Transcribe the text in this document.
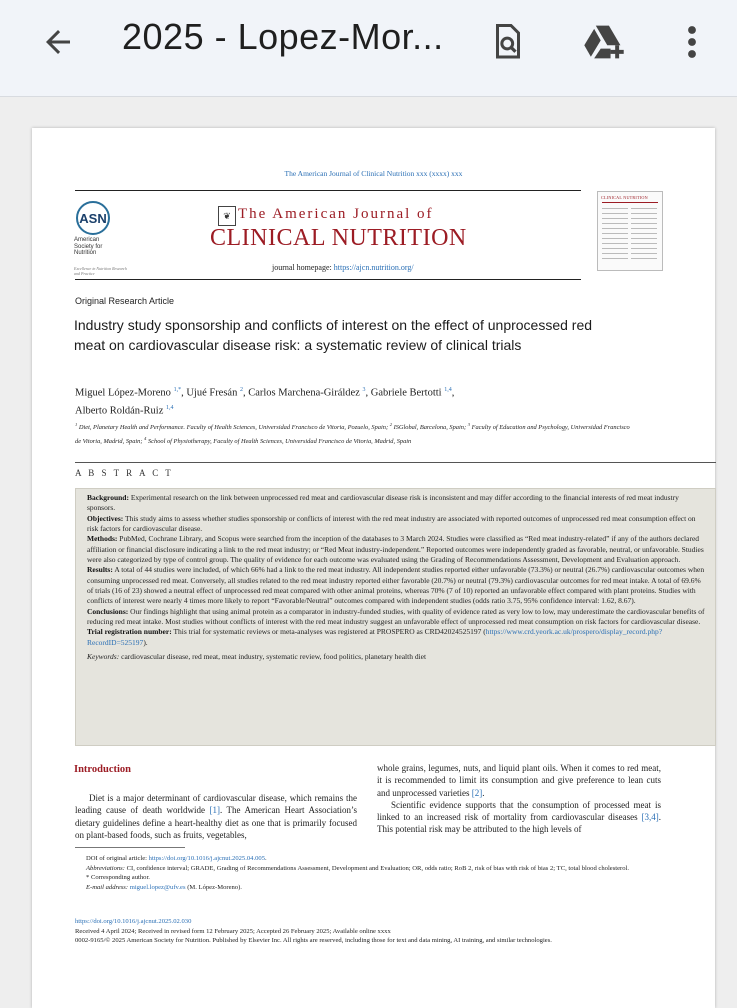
2025 - Lopez-Mor...
The American Journal of Clinical Nutrition xxx (xxxx) xxx
ASN
American
Society for
Nutrition
Excellence in Nutrition Research and Practice
❦ The American Journal of
CLINICAL NUTRITION
journal homepage: https://ajcn.nutrition.org/
CLINICAL NUTRITION
Original Research Article
Industry study sponsorship and conflicts of interest on the effect of unprocessed red meat on cardiovascular disease risk: a systematic review of clinical trials
Miguel López-Moreno $^{1,*}$, Ujué Fresán $^2$, Carlos Marchena-Giráldez $^3$, Gabriele Bertotti $^{1,4}$,
Alberto Roldán-Ruiz $^{1,4}$
$^1$ Diet, Planetary Health and Performance. Faculty of Health Sciences, Universidad Francisco de Vitoria, Pozuelo, Spain; $^2$ ISGlobal, Barcelona, Spain; $^3$ Faculty of Education and Psychology, Universidad Francisco de Vitoria, Madrid, Spain; $^4$ School of Physiotherapy, Faculty of Health Sciences, Universidad Francisco de Vitoria, Madrid, Spain
A B S T R A C T

Background: Experimental research on the link between unprocessed red meat and cardiovascular disease risk is inconsistent and may differ according to the financial interests of red meat industry sponsors.

Objectives: This study aims to assess whether studies sponsorship or conflicts of interest with the red meat industry are associated with reported outcomes of unprocessed red meat consumption effect on risk factors for cardiovascular disease.

Methods: PubMed, Cochrane Library, and Scopus were searched from the inception of the databases to 3 March 2024. Studies were classified as “Red meat industry-related” if any of the authors declared affiliation or financial disclosure indicating a link to the red meat industry; or “Red Meat industry-independent.” Reported outcomes were independently graded as favorable, neutral, or unfavorable. Studies were also categorized by type of control group. The quality of evidence for each outcome was evaluated using the Grading of Recommendations Assessment, Development and Evaluation approach.

Results: A total of 44 studies were included, of which 66% had a link to the red meat industry. All independent studies reported either unfavorable (73.3%) or neutral (26.7%) cardiovascular outcomes when consuming unprocessed red meat. Conversely, all studies related to the red meat industry reported either favorable (20.7%) or neutral (79.3%) cardiovascular outcomes for red meat intake. A total of 69.6% of trials (16 of 23) showed a neutral effect of unprocessed red meat compared with other animal proteins, whereas 70% (7 of 10) reported an unfavorable effect compared with plant proteins. Studies with conflicts of interest were nearly 4 times more likely to report “Favorable/Neutral” outcomes compared with independent studies (odds ratio 3.75, 95% confidence interval: 1.62, 8.67).

Conclusions: Our findings highlight that using animal protein as a comparator in industry-funded studies, with quality of evidence rated as very low to low, may underestimate the cardiovascular benefits of reducing red meat intake. Most studies without conflicts of interest with the red meat industry suggest an unfavorable effect of unprocessed red meat consumption on risk factors for cardiovascular disease.

Trial registration number: This trial for systematic reviews or meta-analyses was registered at PROSPERO as CRD42024525197 (https://www.crd.yeork.ac.uk/prospero/display_record.php?RecordID=525197).

Keywords: cardiovascular disease, red meat, meat industry, systematic review, food politics, planetary health diet

Introduction

Diet is a major determinant of cardiovascular disease, which remains the leading cause of death worldwide [1]. The American Heart Association’s dietary guidelines define a heart-healthy diet as one that is primarily focused on plant-based foods, such as fruits, vegetables,

whole grains, legumes, nuts, and liquid plant oils. When it comes to red meat, it is recommended to limit its consumption and give preference to lean cuts and unprocessed varieties [2].

Scientific evidence supports that the consumption of processed meat is linked to an increased risk of mortality from cardiovascular diseases [3,4]. This potential risk may be attributed to the high levels of

DOI of original article: https://doi.org/10.1016/j.ajcnut.2025.04.005.
Abbreviations: CI, confidence interval; GRADE, Grading of Recommendations Assessment, Development and Evaluation; OR, odds ratio; RoB 2, risk of bias with risk of bias 2; TC, total blood cholesterol.
* Corresponding author.
E-mail address: miguel.lopez@ufv.es (M. López-Moreno).
https://doi.org/10.1016/j.ajcnut.2025.02.030
Received 4 April 2024; Received in revised form 12 February 2025; Accepted 26 February 2025; Available online xxxx
0002-9165/© 2025 American Society for Nutrition. Published by Elsevier Inc. All rights are reserved, including those for text and data mining, AI training, and similar technologies.
